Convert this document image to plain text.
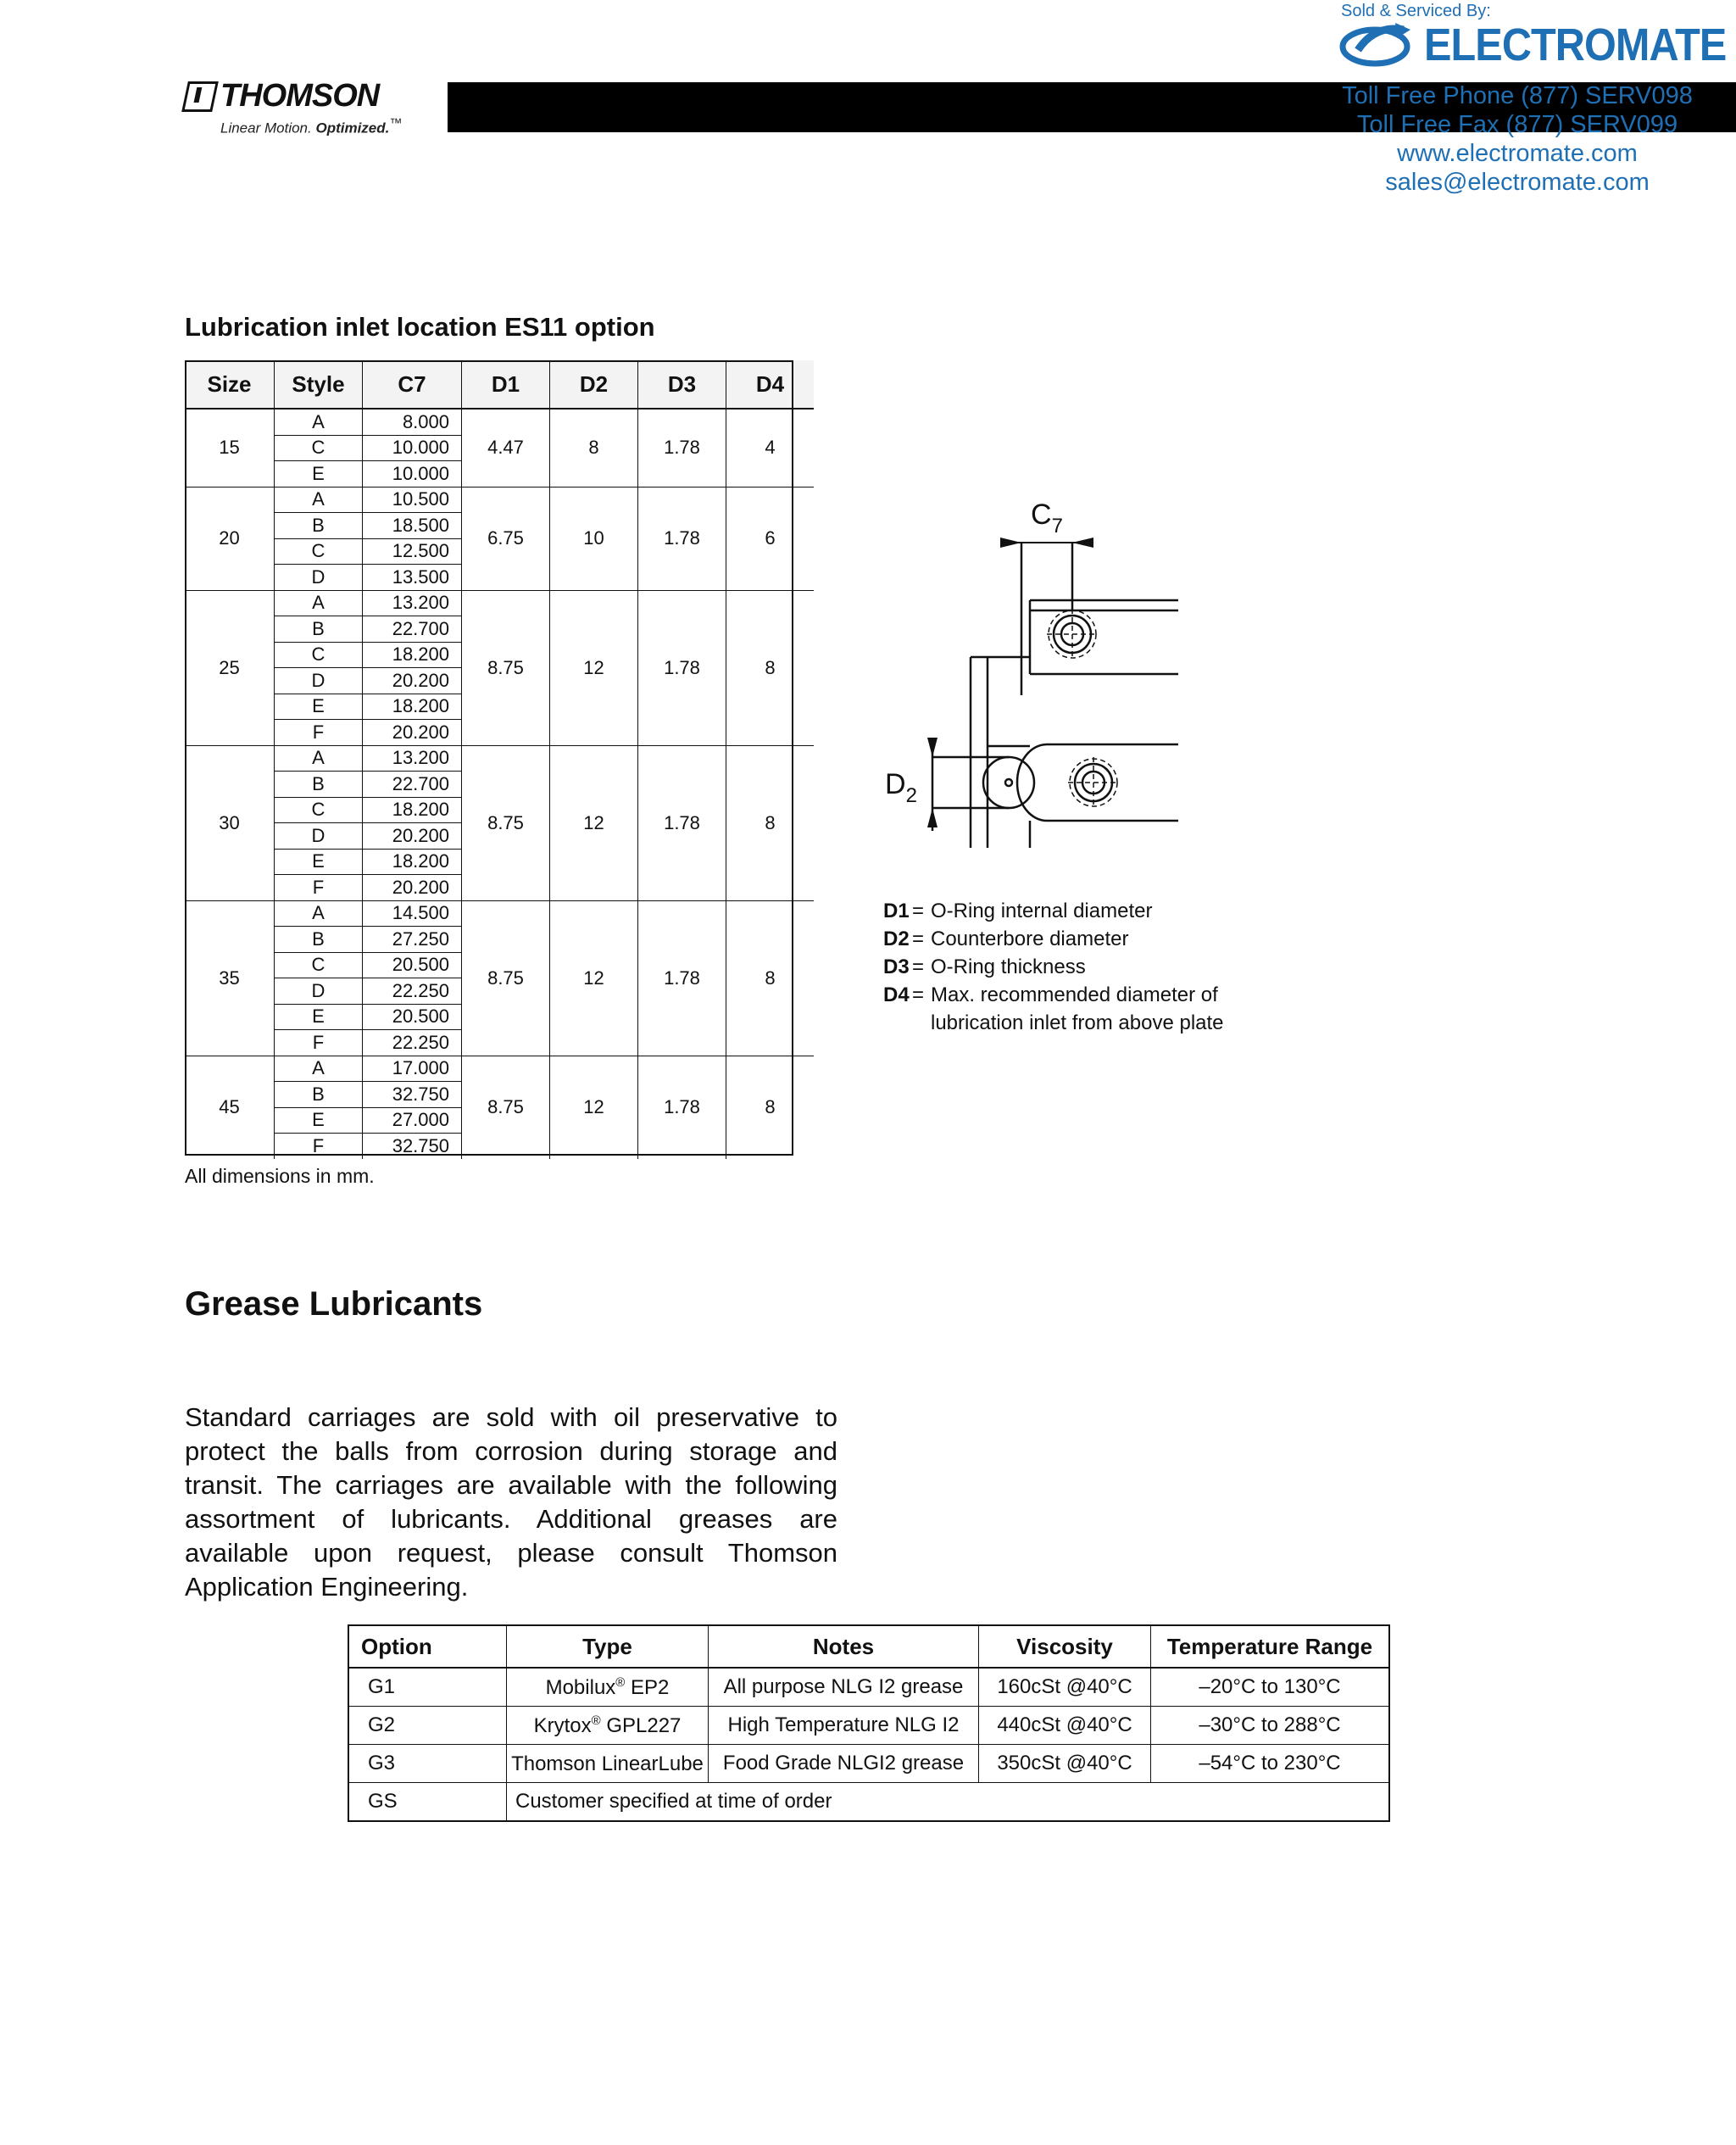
THOMSON
Linear Motion. Optimized.™
Sold & Serviced By:
ELECTROMATE
Toll Free Phone (877) SERV098
Toll Free Fax (877) SERV099
www.electromate.com
sales@electromate.com
Lubrication inlet location ES11 option
Size	Style	C7	D1	D2	D3	D4
15	A	8.000	4.47	8	1.78	4
	C	10.000				
	E	10.000				
20	A	10.500	6.75	10	1.78	6
	B	18.500				
	C	12.500				
	D	13.500				
25	A	13.200	8.75	12	1.78	8
	B	22.700				
	C	18.200				
	D	20.200				
	E	18.200				
	F	20.200				
30	A	13.200	8.75	12	1.78	8
	B	22.700				
	C	18.200				
	D	20.200				
	E	18.200				
	F	20.200				
35	A	14.500	8.75	12	1.78	8
	B	27.250				
	C	20.500				
	D	22.250				
	E	20.500				
	F	22.250				
45	A	17.000	8.75	12	1.78	8
	B	32.750				
	E	27.000				
	F	32.750				
All dimensions in mm.
$C_7$
$D_2$
D1 = O-Ring internal diameter
D2 = Counterbore diameter
D3 = O-Ring thickness
D4 = Max. recommended diameter of
lubrication inlet from above plate
Grease Lubricants
Standard carriages are sold with oil preservative to protect the balls from corrosion during storage and transit. The carriages are available with the following assortment of lubricants. Additional greases are available upon request, please consult Thomson Application Engineering.
Option	Type	Notes	Viscosity	Temperature Range
G1	Mobilux® EP2	All purpose NLG I2 grease	160cSt @40°C	–20°C to 130°C
G2	Krytox® GPL227	High Temperature NLG I2	440cSt @40°C	–30°C to 288°C
G3	Thomson LinearLube	Food Grade NLGI2 grease	350cSt @40°C	–54°C to 230°C
GS	Customer specified at time of order			
